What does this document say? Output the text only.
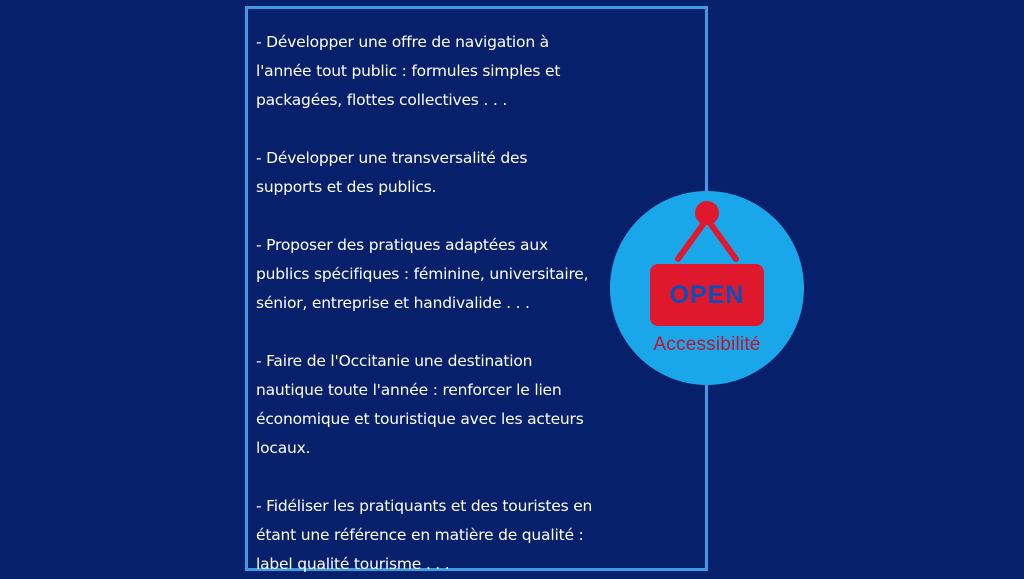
- Développer une offre de navigation à
l'année tout public : formules simples et
packagées, flottes collectives . . .

- Développer une transversalité des
supports et des publics.

- Proposer des pratiques adaptées aux
publics spécifiques : féminine, universitaire,
sénior, entreprise et handivalide . . .

- Faire de l'Occitanie une destination
nautique toute l'année : renforcer le lien
économique et touristique avec les acteurs
locaux.

- Fidéliser les pratiquants et des touristes en
étant une référence en matière de qualité :
label qualité tourisme . . .

OPEN
Accessibilité
